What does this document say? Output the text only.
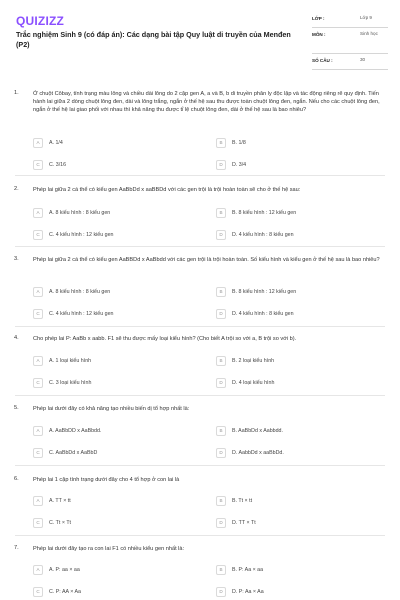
QUIZIZZ
Trắc nghiệm Sinh 9 (có đáp án): Các dạng bài tập Quy luật di truyền của Menđen (P2)
LỚP :	Lớp 9
MÔN :	Sinh học
SỐ CÂU :	30
1.	Ở chuột Côbay, tính trạng màu lông và chiều dài lông do 2 cặp gen A, a và B, b di truyền phân ly độc lập và tác động riêng rẽ quy định. Tiến hành lai giữa 2 dòng chuột lông đen, dài và lông trắng, ngắn ở thế hệ sau thu được toàn chuột lông đen, ngắn. Nếu cho các chuột lông đen, ngắn ở thế hệ lai giao phối với nhau thì khả năng thu được tỉ lệ chuột lông đen, dài ở thế hệ sau là bao nhiêu?
A	A. 1/4	B	B. 1/8
C	C. 3/16	D	D. 3/4
2.	Phép lai giữa 2 cá thể có kiểu gen AaBbDd x aaBBDd với các gen trội là trội hoàn toàn sẽ cho ở thế hệ sau:
A	A. 8 kiểu hình : 8 kiểu gen	B	B. 8 kiểu hình : 12 kiểu gen
C	C. 4 kiểu hình : 12 kiểu gen	D	D. 4 kiểu hình : 8 kiểu gen
3.	Phép lai giữa 2 cá thể có kiểu gen AaBBDd x AaBbdd với các gen trội là trội hoàn toàn. Số kiểu hình và kiểu gen ở thế hệ sau là bao nhiêu?
A	A. 8 kiểu hình : 8 kiểu gen	B	B. 8 kiểu hình : 12 kiểu gen
C	C. 4 kiểu hình : 12 kiểu gen	D	D. 4 kiểu hình : 8 kiểu gen
4.	Cho phép lai P: AaBb x aabb. F1 sẽ thu được mấy loại kiểu hình? (Cho biết A trội so với a, B trội so với b).
A	A. 1 loại kiểu hình	B	B. 2 loại kiểu hình
C	C. 3 loại kiểu hình	D	D. 4 loại kiểu hình
5.	Phép lai dưới đây có khả năng tạo nhiều biến dị tổ hợp nhất là:
A	A. AaBbDD x AaBbdd.	B	B. AaBbDd x Aabbdd.
C	C. AaBbDd x AaBbD	D	D. AabbDd x aaBbDd.
6.	Phép lai 1 cặp tính trạng dưới đây cho 4 tổ hợp ở con lai là
A	A. TT × tt	B	B. Tt × tt
C	C. Tt × Tt	D	D. TT × Tt
7.	Phép lai dưới đây tạo ra con lai F1 có nhiều kiểu gen nhất là:
A	A. P: aa × aa	B	B. P: Aa × aa
C	C. P: AA × Aa	D	D. P: Aa × Aa
